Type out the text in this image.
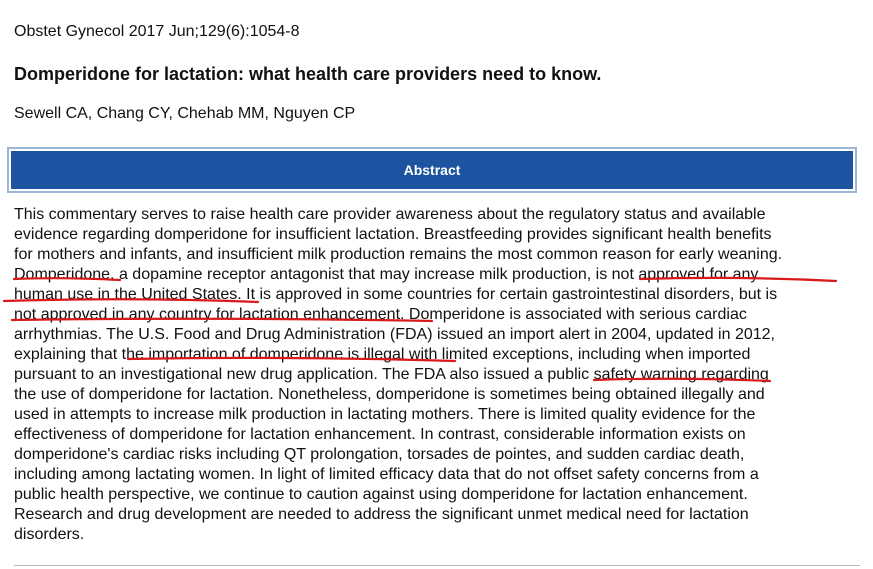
Obstet Gynecol 2017 Jun;129(6):1054-8
Domperidone for lactation: what health care providers need to know.
Sewell CA, Chang CY, Chehab MM, Nguyen CP
Abstract
This commentary serves to raise health care provider awareness about the regulatory status and available
evidence regarding domperidone for insufficient lactation. Breastfeeding provides significant health benefits
for mothers and infants, and insufficient milk production remains the most common reason for early weaning.
Domperidone, a dopamine receptor antagonist that may increase milk production, is not approved for any
human use in the United States. It is approved in some countries for certain gastrointestinal disorders, but is
not approved in any country for lactation enhancement. Domperidone is associated with serious cardiac
arrhythmias. The U.S. Food and Drug Administration (FDA) issued an import alert in 2004, updated in 2012,
explaining that the importation of domperidone is illegal with limited exceptions, including when imported
pursuant to an investigational new drug application. The FDA also issued a public safety warning regarding
the use of domperidone for lactation. Nonetheless, domperidone is sometimes being obtained illegally and
used in attempts to increase milk production in lactating mothers. There is limited quality evidence for the
effectiveness of domperidone for lactation enhancement. In contrast, considerable information exists on
domperidone's cardiac risks including QT prolongation, torsades de pointes, and sudden cardiac death,
including among lactating women. In light of limited efficacy data that do not offset safety concerns from a
public health perspective, we continue to caution against using domperidone for lactation enhancement.
Research and drug development are needed to address the significant unmet medical need for lactation
disorders.
